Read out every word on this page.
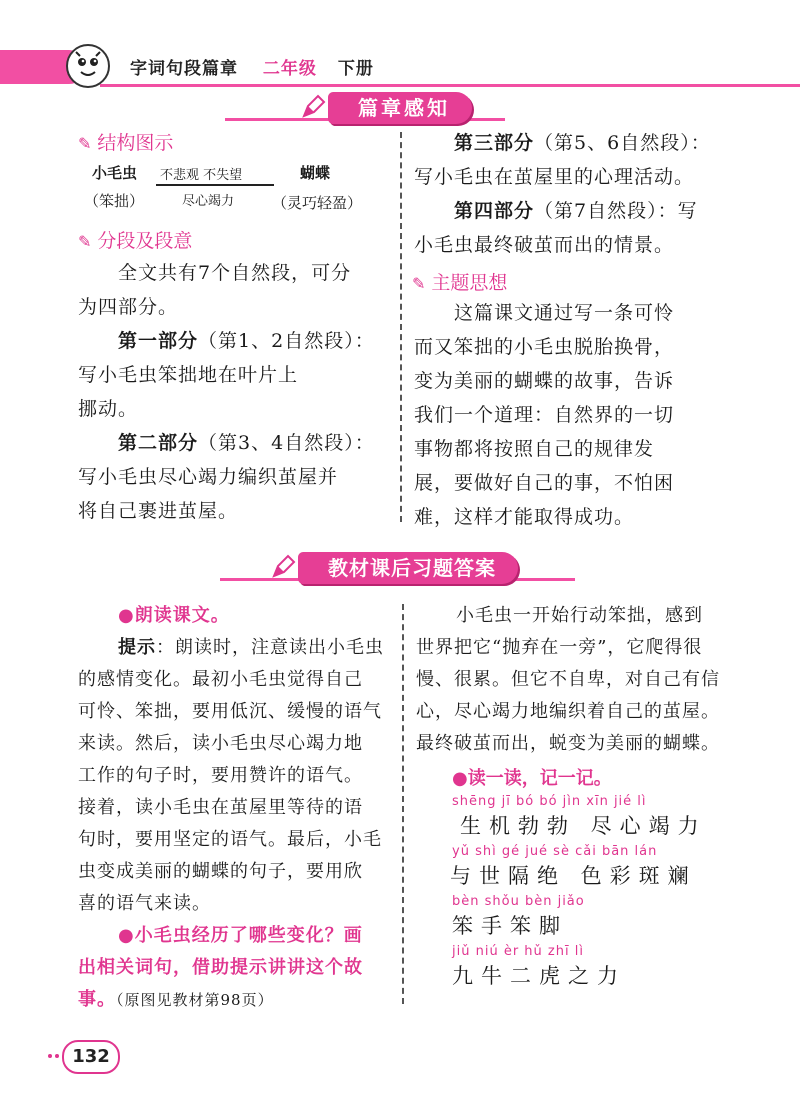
字词句段篇章 二年级 下册
篇章感知
✎ 结构图示
小毛虫
（笨拙）
不悲观 不失望
尽心竭力
蝴蝶
（灵巧轻盈）
✎ 分段及段意
全文共有7个自然段，可分
为四部分。
第一部分（第1、2自然段）：
写小毛虫笨拙地在叶片上
挪动。
第二部分（第3、4自然段）：
写小毛虫尽心竭力编织茧屋并
将自己裹进茧屋。
第三部分（第5、6自然段）：
写小毛虫在茧屋里的心理活动。
第四部分（第7自然段）：写
小毛虫最终破茧而出的情景。
✎ 主题思想
这篇课文通过写一条可怜
而又笨拙的小毛虫脱胎换骨，
变为美丽的蝴蝶的故事，告诉
我们一个道理：自然界的一切
事物都将按照自己的规律发
展，要做好自己的事，不怕困
难，这样才能取得成功。
教材课后习题答案
●朗读课文。
提示：朗读时，注意读出小毛虫
的感情变化。最初小毛虫觉得自己
可怜、笨拙，要用低沉、缓慢的语气
来读。然后，读小毛虫尽心竭力地
工作的句子时，要用赞许的语气。
接着，读小毛虫在茧屋里等待的语
句时，要用坚定的语气。最后，小毛
虫变成美丽的蝴蝶的句子，要用欣
喜的语气来读。
●小毛虫经历了哪些变化？画
出相关词句，借助提示讲讲这个故
事。（原图见教材第98页）
小毛虫一开始行动笨拙，感到
世界把它“抛弃在一旁”，它爬得很
慢、很累。但它不自卑，对自己有信
心，尽心竭力地编织着自己的茧屋。
最终破茧而出，蜕变为美丽的蝴蝶。
●读一读，记一记。
shēng jī bó bó jìn xīn jié lì
生机勃勃 尽心竭力
yǔ shì gé jué sè cǎi bān lán
与世隔绝 色彩斑斓
bèn shǒu bèn jiǎo
笨手笨脚
jiǔ niú èr hǔ zhī lì
九牛二虎之力
132
